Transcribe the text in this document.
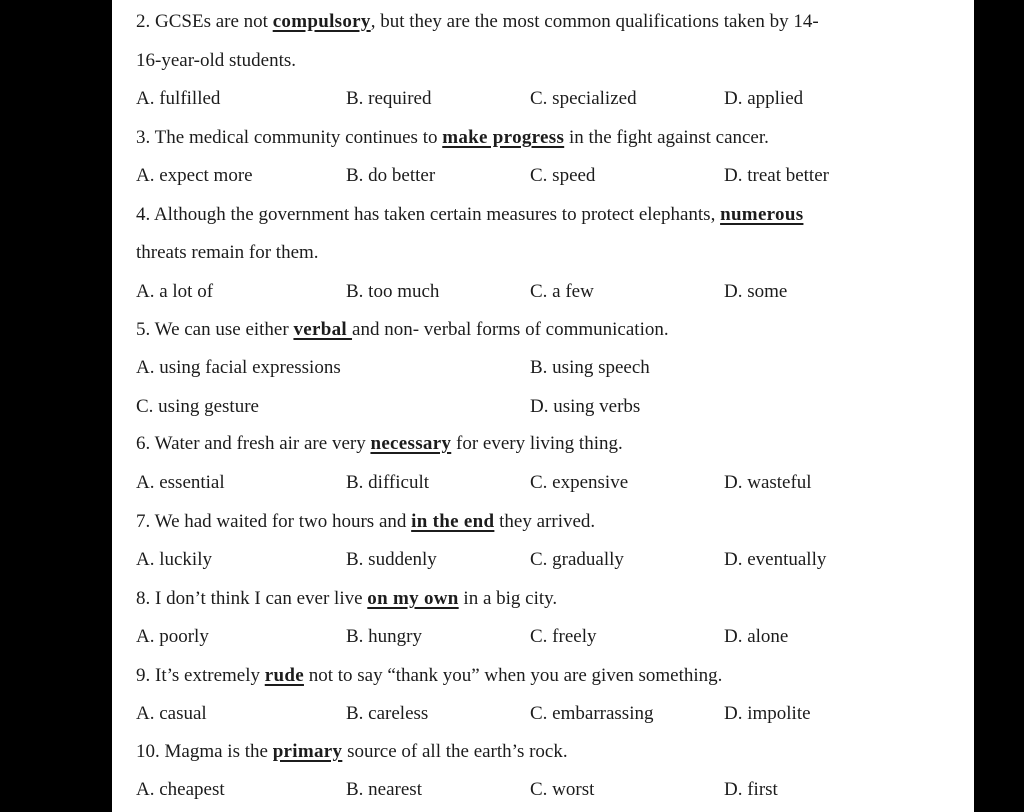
2. GCSEs are not compulsory, but they are the most common qualifications taken by 14-
16-year-old students.
A. fulfilled	B. required	C. specialized	D. applied
3. The medical community continues to make progress in the fight against cancer.
A. expect more	B. do better	C. speed	D. treat better
4. Although the government has taken certain measures to protect elephants, numerous
threats remain for them.
A. a lot of	B. too much	C. a few	D. some
5. We can use either verbal and non- verbal forms of communication.
A. using facial expressions	B. using speech
C. using gesture	D. using verbs
6. Water and fresh air are very necessary for every living thing.
A. essential	B. difficult	C. expensive	D. wasteful
7. We had waited for two hours and in the end they arrived.
A. luckily	B. suddenly	C. gradually	D. eventually
8. I don’t think I can ever live on my own in a big city.
A. poorly	B. hungry	C. freely	D. alone
9. It’s extremely rude not to say “thank you” when you are given something.
A. casual	B. careless	C. embarrassing	D. impolite
10. Magma is the primary source of all the earth’s rock.
A. cheapest	B. nearest	C. worst	D. first
